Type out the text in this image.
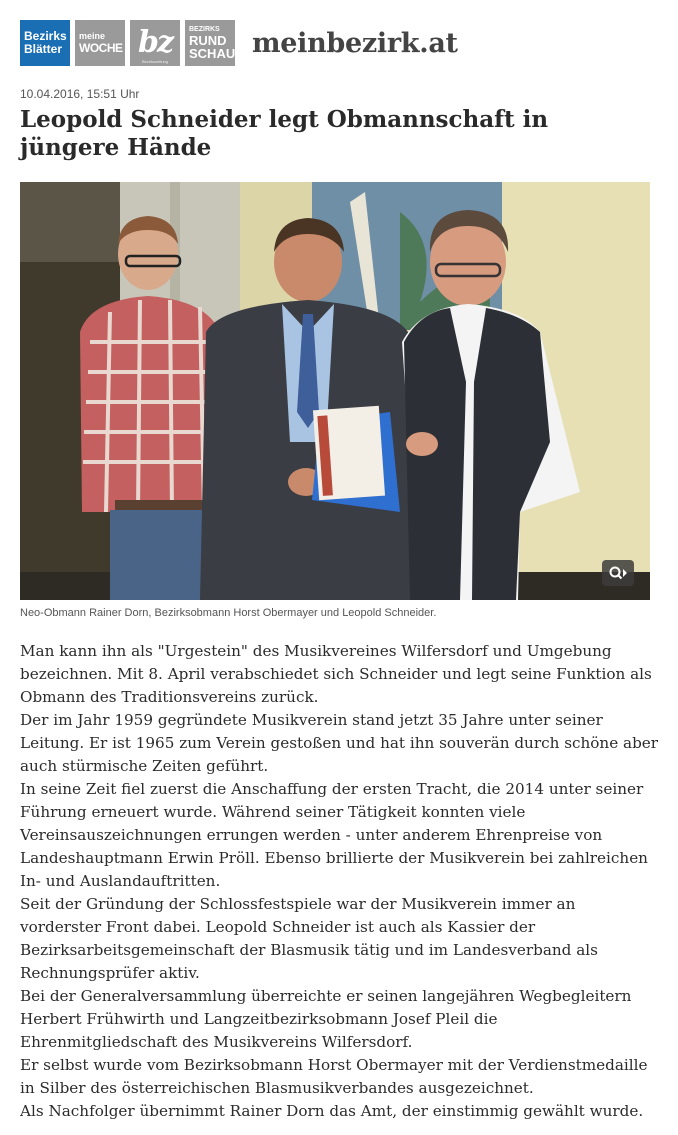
Bezirks
Blätter
meine
WOCHE bz
Bezirkszeitung
BEZIRKS
RUND
SCHAU meinbezirk.at
10.04.2016, 15:51 Uhr
Leopold Schneider legt Obmannschaft in jüngere Hände
Neo-Obmann Rainer Dorn, Bezirksobmann Horst Obermayer und Leopold Schneider.

Man kann ihn als "Urgestein" des Musikvereines Wilfersdorf und Umgebung

bezeichnen. Mit 8. April verabschiedet sich Schneider und legt seine Funktion als

Obmann des Traditionsvereins zurück.

Der im Jahr 1959 gegründete Musikverein stand jetzt 35 Jahre unter seiner

Leitung. Er ist 1965 zum Verein gestoßen und hat ihn souverän durch schöne aber

auch stürmische Zeiten geführt.

In seine Zeit fiel zuerst die Anschaffung der ersten Tracht, die 2014 unter seiner

Führung erneuert wurde. Während seiner Tätigkeit konnten viele

Vereinsauszeichnungen errungen werden - unter anderem Ehrenpreise von

Landeshauptmann Erwin Pröll. Ebenso brillierte der Musikverein bei zahlreichen

In- und Auslandauftritten.

Seit der Gründung der Schlossfestspiele war der Musikverein immer an

vorderster Front dabei. Leopold Schneider ist auch als Kassier der

Bezirksarbeitsgemeinschaft der Blasmusik tätig und im Landesverband als

Rechnungsprüfer aktiv.

Bei der Generalversammlung überreichte er seinen langejähren Wegbegleitern

Herbert Frühwirth und Langzeitbezirksobmann Josef Pleil die

Ehrenmitgliedschaft des Musikvereins Wilfersdorf.

Er selbst wurde vom Bezirksobmann Horst Obermayer mit der Verdienstmedaille

in Silber des österreichischen Blasmusikverbandes ausgezeichnet.

Als Nachfolger übernimmt Rainer Dorn das Amt, der einstimmig gewählt wurde.
